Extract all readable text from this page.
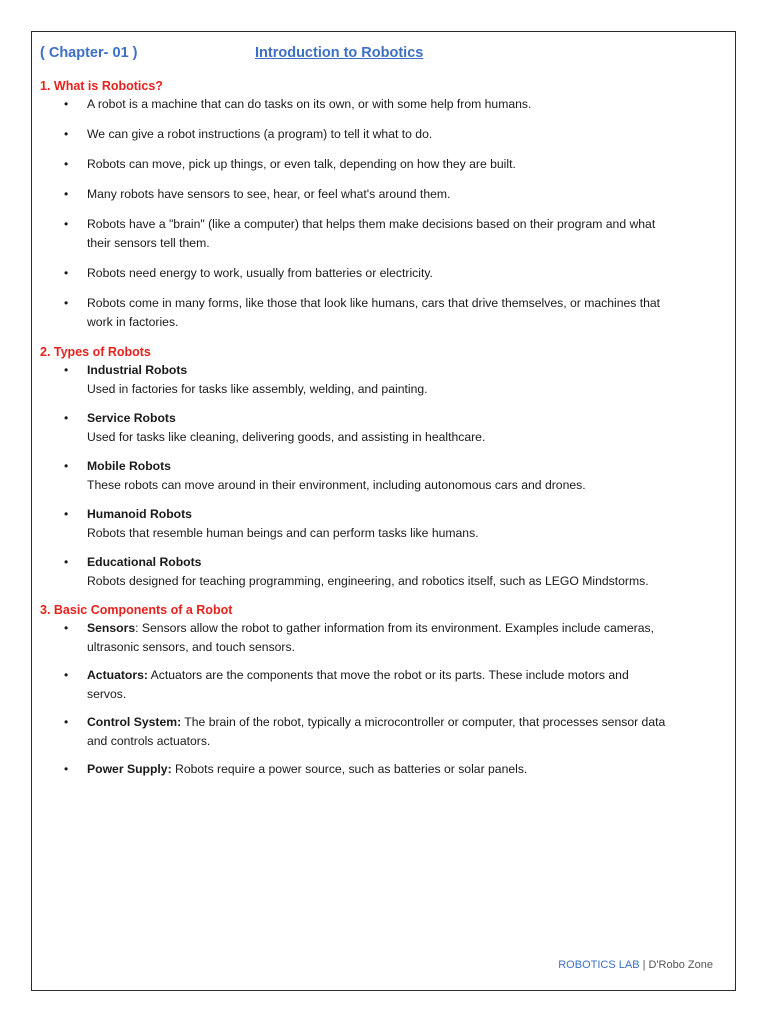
( Chapter- 01 )	Introduction to Robotics
1. What is Robotics?
• A robot is a machine that can do tasks on its own, or with some help from humans.
• We can give a robot instructions (a program) to tell it what to do.
• Robots can move, pick up things, or even talk, depending on how they are built.
• Many robots have sensors to see, hear, or feel what's around them.
• Robots have a "brain" (like a computer) that helps them make decisions based on their program and what their sensors tell them.
• Robots need energy to work, usually from batteries or electricity.
• Robots come in many forms, like those that look like humans, cars that drive themselves, or machines that work in factories.
2. Types of Robots
• Industrial Robots
Used in factories for tasks like assembly, welding, and painting.
• Service Robots
Used for tasks like cleaning, delivering goods, and assisting in healthcare.
• Mobile Robots
These robots can move around in their environment, including autonomous cars and drones.
• Humanoid Robots
Robots that resemble human beings and can perform tasks like humans.
• Educational Robots
Robots designed for teaching programming, engineering, and robotics itself, such as LEGO Mindstorms.
3. Basic Components of a Robot
• Sensors: Sensors allow the robot to gather information from its environment. Examples include cameras, ultrasonic sensors, and touch sensors.
• Actuators: Actuators are the components that move the robot or its parts. These include motors and servos.
• Control System: The brain of the robot, typically a microcontroller or computer, that processes sensor data and controls actuators.
• Power Supply: Robots require a power source, such as batteries or solar panels.
ROBOTICS LAB | D'Robo Zone
